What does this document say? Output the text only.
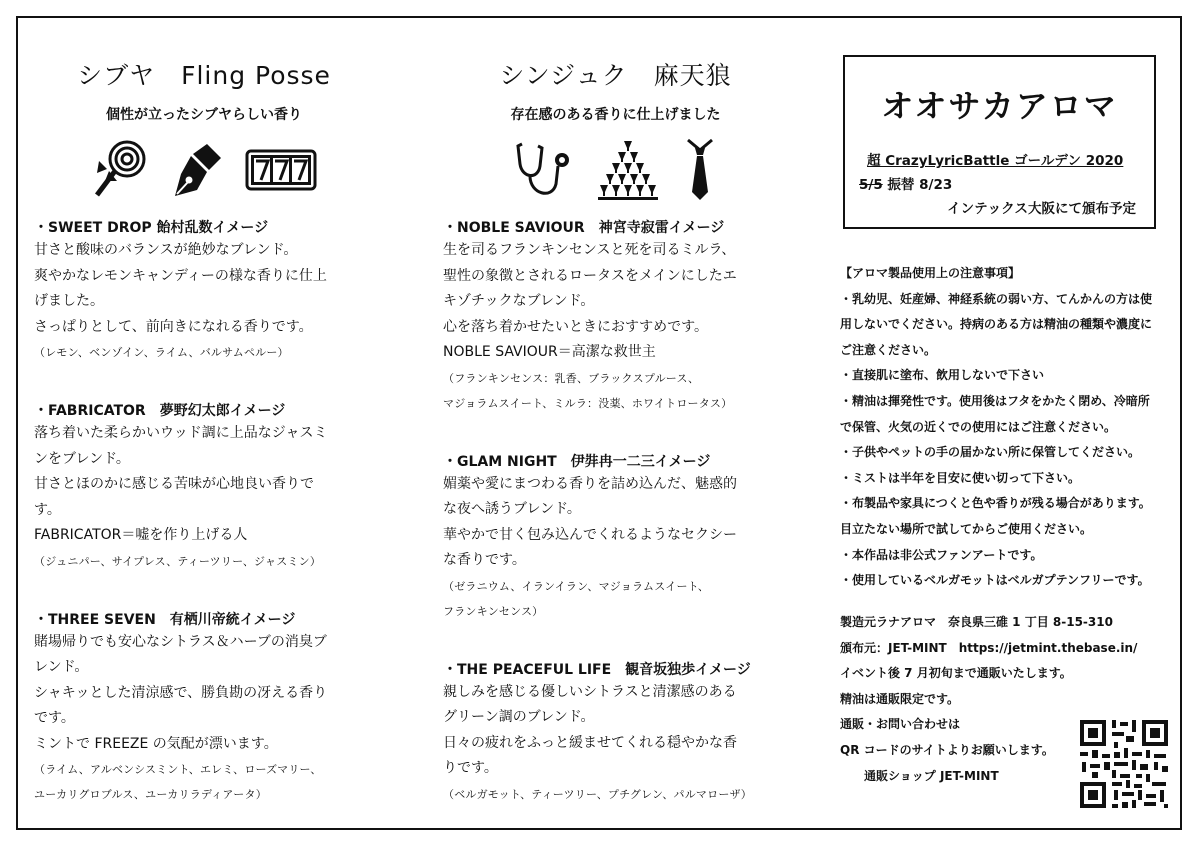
シブヤ　Fling Posse
個性が立ったシブヤらしい香り
・SWEET DROP 飴村乱数イメージ
甘さと酸味のバランスが絶妙なブレンド。
爽やかなレモンキャンディーの様な香りに仕上
げました。
さっぱりとして、前向きになれる香りです。
（レモン、ベンゾイン、ライム、バルサムペルー）
・FABRICATOR　夢野幻太郎イメージ
落ち着いた柔らかいウッド調に上品なジャスミ
ンをブレンド。
甘さとほのかに感じる苦味が心地良い香りで
す。
FABRICATOR＝嘘を作り上げる人
（ジュニパー、サイプレス、ティーツリー、ジャスミン）
・THREE SEVEN　有栖川帝統イメージ
賭場帰りでも安心なシトラス＆ハーブの消臭ブ
レンド。
シャキッとした清涼感で、勝負勘の冴える香り
です。
ミントで FREEZE の気配が漂います。
（ライム、アルベンシスミント、エレミ、ローズマリー、
ユーカリグロブルス、ユーカリラディアータ）
シンジュク　麻天狼
存在感のある香りに仕上げました
・NOBLE SAVIOUR　神宮寺寂雷イメージ
生を司るフランキンセンスと死を司るミルラ、
聖性の象徴とされるロータスをメインにしたエ
キゾチックなブレンド。
心を落ち着かせたいときにおすすめです。
NOBLE SAVIOUR＝高潔な救世主
（フランキンセンス：乳香、ブラックスプルース、
マジョラムスイート、ミルラ：没薬、ホワイトロータス）
・GLAM NIGHT　伊弉冉一二三イメージ
媚薬や愛にまつわる香りを詰め込んだ、魅惑的
な夜へ誘うブレンド。
華やかで甘く包み込んでくれるようなセクシー
な香りです。
（ゼラニウム、イランイラン、マジョラムスイート、
フランキンセンス）
・THE PEACEFUL LIFE　観音坂独歩イメージ
親しみを感じる優しいシトラスと清潔感のある
グリーン調のブレンド。
日々の疲れをふっと緩ませてくれる穏やかな香
りです。
（ベルガモット、ティーツリー、プチグレン、パルマローザ）
オオサカアロマ
超 CrazyLyricBattle ゴールデン 2020
5/5 振替 8/23
インテックス大阪にて頒布予定
【アロマ製品使用上の注意事項】
・乳幼児、妊産婦、神経系統の弱い方、てんかんの方は使
用しないでください。持病のある方は精油の種類や濃度に
ご注意ください。
・直接肌に塗布、飲用しないで下さい
・精油は揮発性です。使用後はフタをかたく閉め、冷暗所
で保管、火気の近くでの使用にはご注意ください。
・子供やペットの手の届かない所に保管してください。
・ミストは半年を目安に使い切って下さい。
・布製品や家具につくと色や香りが残る場合があります。
目立たない場所で試してからご使用ください。
・本作品は非公式ファンアートです。
・使用しているベルガモットはベルガプテンフリーです。
製造元ラナアロマ　奈良県三碓 1 丁目 8-15-310
頒布元：JET-MINT　https://jetmint.thebase.in/
イベント後 7 月初旬まで通販いたします。
精油は通販限定です。
通販・お問い合わせは
QR コードのサイトよりお願いします。
　　通販ショップ JET-MINT
